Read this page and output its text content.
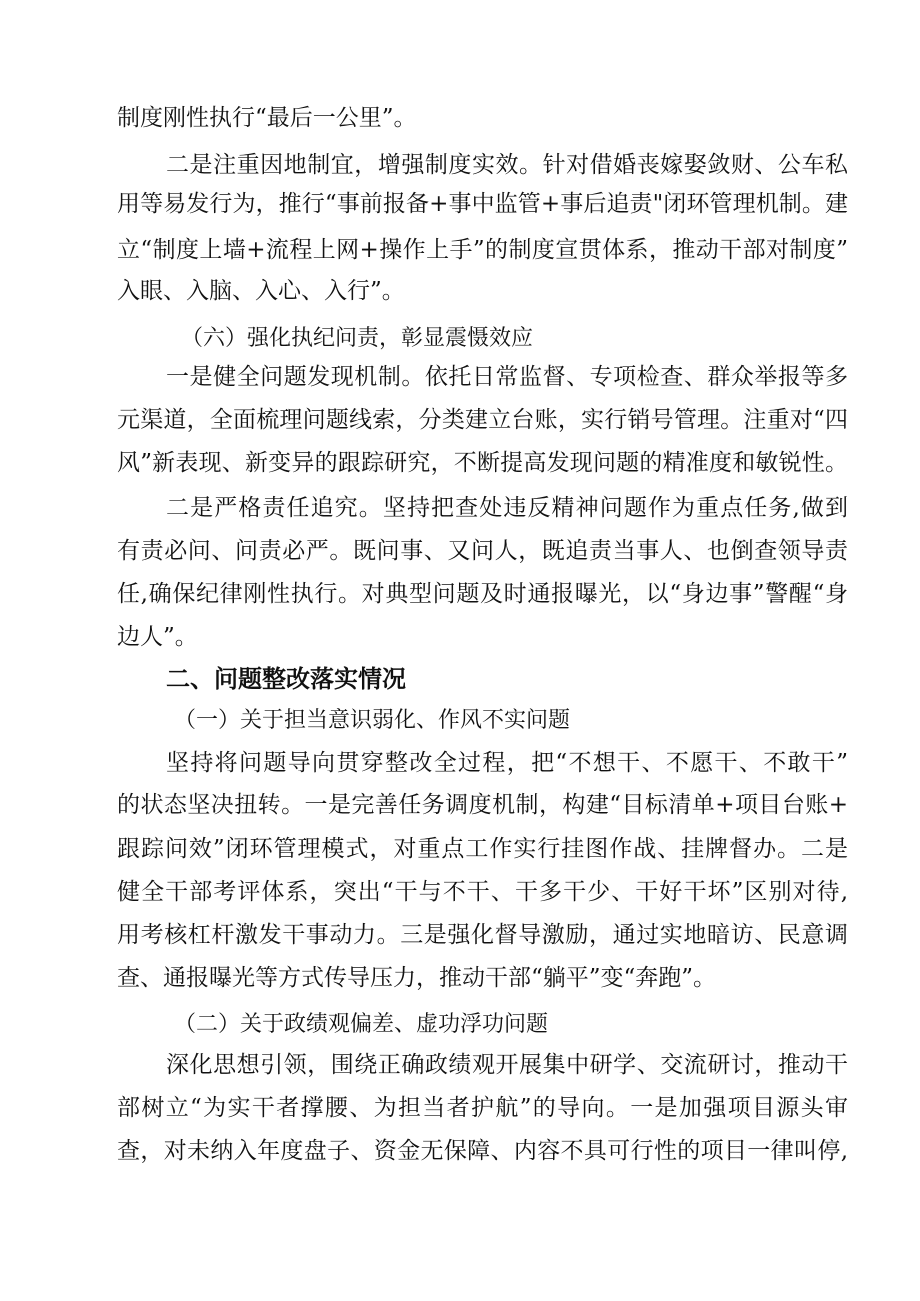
制度刚性执行“最后一公里”。

二是注重因地制宜，增强制度实效。针对借婚丧嫁娶敛财、公车私

用等易发行为，推行“事前报备+事中监管+事后追责"闭环管理机制。建

立“制度上墙+流程上网+操作上手”的制度宣贯体系，推动干部对制度”

入眼、入脑、入心、入行”。

（六）强化执纪问责，彰显震慑效应

一是健全问题发现机制。依托日常监督、专项检查、群众举报等多

元渠道，全面梳理问题线索，分类建立台账，实行销号管理。注重对“四

风”新表现、新变异的跟踪研究，不断提高发现问题的精准度和敏锐性。

二是严格责任追究。坚持把查处违反精神问题作为重点任务,做到

有责必问、问责必严。既问事、又问人，既追责当事人、也倒查领导责

任,确保纪律刚性执行。对典型问题及时通报曝光，以“身边事”警醒“身

边人”。

二、问题整改落实情况

（一）关于担当意识弱化、作风不实问题

坚持将问题导向贯穿整改全过程，把“不想干、不愿干、不敢干”

的状态坚决扭转。一是完善任务调度机制，构建“目标清单+项目台账+

跟踪问效”闭环管理模式，对重点工作实行挂图作战、挂牌督办。二是

健全干部考评体系，突出“干与不干、干多干少、干好干坏”区别对待,

用考核杠杆激发干事动力。三是强化督导激励，通过实地暗访、民意调

查、通报曝光等方式传导压力，推动干部“躺平”变“奔跑”。

（二）关于政绩观偏差、虚功浮功问题

深化思想引领，围绕正确政绩观开展集中研学、交流研讨，推动干

部树立“为实干者撑腰、为担当者护航”的导向。一是加强项目源头审

查，对未纳入年度盘子、资金无保障、内容不具可行性的项目一律叫停,
